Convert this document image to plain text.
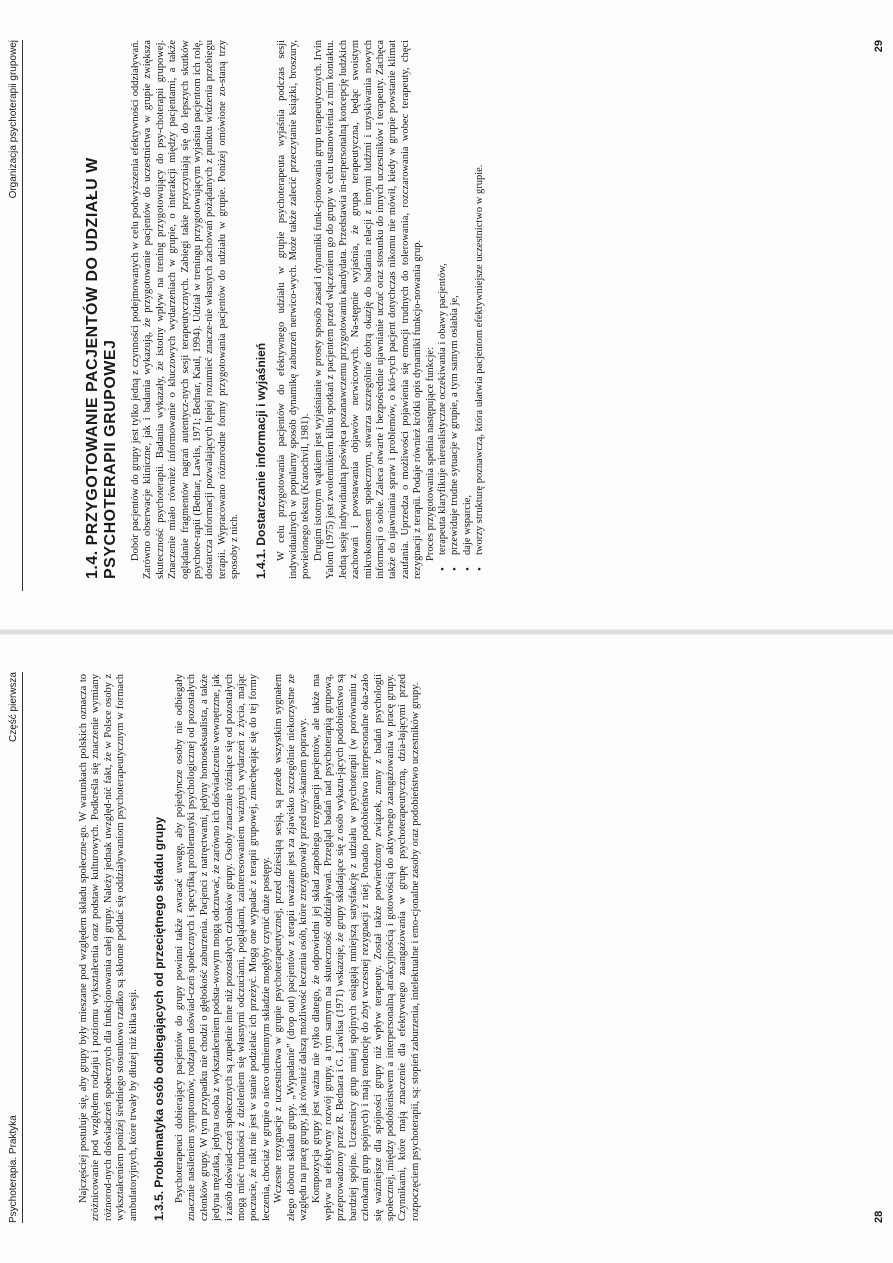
Psychoterapia. Praktyka
Część pierwsza	Najczęściej postuluje się, aby grupy były mieszane pod względem składu społeczne-go. W warunkach polskich oznacza to zróżnicowanie pod względem rodzaju i poziomu wykształcenia oraz podstaw kulturowych. Podkreśla się znaczenie wymiany różnorod-nych doświadczeń społecznych dla funkcjonowania całej grupy. Należy jednak uwzględ-nić fakt, że w Polsce osoby z wykształceniem poniżej średniego stosunkowo rzadko są skłonne poddać się oddziaływaniom psychoterapeutycznym w formach ambulatoryjnych, które trwały by dłużej niż kilka sesji. 1.3.5. Problematyka osób odbiegających od przeciętnego składu grupy Psychoterapeuci dobierający pacjentów do grupy powinni także zwracać uwagę, aby pojedyncze osoby nie odbiegały znacznie nasileniem symptomów, rodzajem doświad-czeń społecznych i specyfiką problematyki psychologicznej od pozostałych członków grupy. W tym przypadku nie chodzi o głębokość zaburzenia. Pacjenci z natręctwami, jedyny homoseksualista, a także jedyna mężatka, jedyna osoba z wykształceniem podsta-wowym mogą odczuwać, że zarówno ich doświadczenie wewnętrzne, jak i zasób doświad-czeń społecznych są zupełnie inne niż pozostałych członków grupy. Osoby znacznie różniące się od pozostałych mogą mieć trudności z dzieleniem się własnymi odczuciami, poglądami, zainteresowaniem ważnych wydarzeń z życia, mając poczucie, że nikt nie jest w stanie podzielać ich przeżyć. Mogą one wypadać z terapii grupowej, zniechęcając się do tej formy leczenia, chociaż w grupie o nieco odmiennym składzie mogłyby czynić duże postępy. Wczesne rezygnacje z uczestnictwa w grupie psychoterapeutycznej, przed dziesiątą sesją, są przede wszystkim sygnałem złego doboru składu grupy. „Wypadanie” (drop out) pacjentów z terapii uważane jest za zjawisko szczególnie niekorzystne ze względu na pracę grupy, jak również dalszą możliwość leczenia osób, które zrezygnowały przed uzy-skaniem poprawy. Kompozycja grupy jest ważna nie tylko dlatego, że odpowiedni jej skład zapobiega rezygnacji pacjentów, ale także ma wpływ na efektywny rozwój grupy, a tym samym na skuteczność oddziaływań. Przegląd badań nad psychoterapią grupową, przeprowadzony przez R. Bednara i G. Lawlisa (1971) wskazuje, że grupy składające się z osób wykazu-jących podobieństwo są bardziej spójne. Uczestnicy grup mniej spójnych osiągają mniejszą satysfakcję z udziału w psychoterapii (w porównaniu z członkami grup spójnych) i mają tendencję do zbyt wczesnej rezygnacji z niej. Ponadto podobieństwo interpersonalne oka-zało się ważniejsze dla spójności grupy niż wpływ terapeuty. Został także potwierdzony związek, znany z badań psychologii społecznej, między podobieństwem a interpersonalną atrakcyjnością i gotowością do aktywnego zaangażowania w pracę grupy. Czynnikami, które mają znaczenie dla efektywnego zaangażowania w grupę psychoterapeutyczną, dzia-łającymi przed rozpoczęciem psychoterapii, są: stopień zaburzenia, intelektualne i emo-cjonalne zasoby oraz podobieństwo uczestników grupy.	28
Organizacja psychoterapii grupowej
1.4. PRZYGOTOWANIE PACJENTÓW DO UDZIAŁU W PSYCHOTERAPII GRUPOWEJ Dobór pacjentów do grupy jest tylko jedną z czynności podejmowanych w celu podwyższenia efektywności oddziaływań. Zarówno obserwacje kliniczne, jak i badania wykazują, że przygotowanie pacjentów do uczestnictwa w grupie zwiększa skuteczność psychoterapii. Badania wykazały, że istotny wpływ na trening przygotowujący do psy-choterapii grupowej. Znaczenie miało również informowanie o kluczowych wydarzeniach w grupie, o interakcji między pacjentami, a także oglądanie fragmentów nagrań autentycz-nych sesji terapeutycznych. Zabiegi takie przyczyniają się do lepszych skutków psychote-rapii (Bednar, Lawlis, 1971; Bednar, Kaul, 1994). Udział w treningu przygotowującym wyjaśnia pacjentom ich rolę, dostarcza informacji pozwalających lepiej rozumieć znacze-nie własnych zachowań pożądanych z punktu widzenia przebiegu terapii. Wypracowano różnorodne formy przygotowania pacjentów do udziału w grupie. Poniżej omówione zo-staną trzy sposoby z nich. 1.4.1. Dostarczanie informacji i wyjaśnień W celu przygotowania pacjentów do efektywnego udziału w grupie psychoterapeuta wyjaśnia podczas sesji indywidualnych w popularny sposób dynamikę zaburzeń nerwico-wych. Może także zalecić przeczytanie książki, broszury, powielonego tekstu (Kratochvil, 1981). Drugim istotnym wątkiem jest wyjaśnianie w prosty sposób zasad i dynamiki funk-cjonowania grup terapeutycznych. Irvin Yalom (1975) jest zwolennikiem kilku spotkań z pacjentem przed włączeniem go do grupy w celu ustanowienia z nim kontaktu. Jedną sesję indywidualną poświęca pozanawczemu przygotowaniu kandydata. Przedstawia in-terpersonalną koncepcję ludzkich zachowań i powstawania objawów nerwicowych. Na-stępnie wyjaśnia, że grupa terapeutyczna, będąc swoistym mikrokosmosem społecznym, stwarza szczególnie dobrą okazję do badania relacji z innymi ludźmi i uzyskiwania nowych informacji o sobie. Zaleca otwarte i bezpośrednie ujawnianie uczuć oraz stosunku do innych uczestników i terapeuty. Zachęca także do ujawniania spraw i problemów, o któ-rych pacjent dotychczas nikomu nie mówił, kiedy w grupie powstanie klimat zaufania. Uprzedza o możliwości pojawienia się emocji trudnych do tolerowania, rozczarowania wobec terapeuty, chęci rezygnacji z terapii. Podaje również krótki opis dynamiki funkcjo-nowania grup. Proces przygotowania spełnia następujące funkcje: • terapeuta klaryfikuje nierealistyczne oczekiwania i obawy pacjentów, • przewiduje trudne sytuacje w grupie, a tym samym osłabia je, • daje wsparcie, • tworzy strukturę poznawczą, która ułatwia pacjentom efektywniejsze uczestnictwo w grupie.
29
